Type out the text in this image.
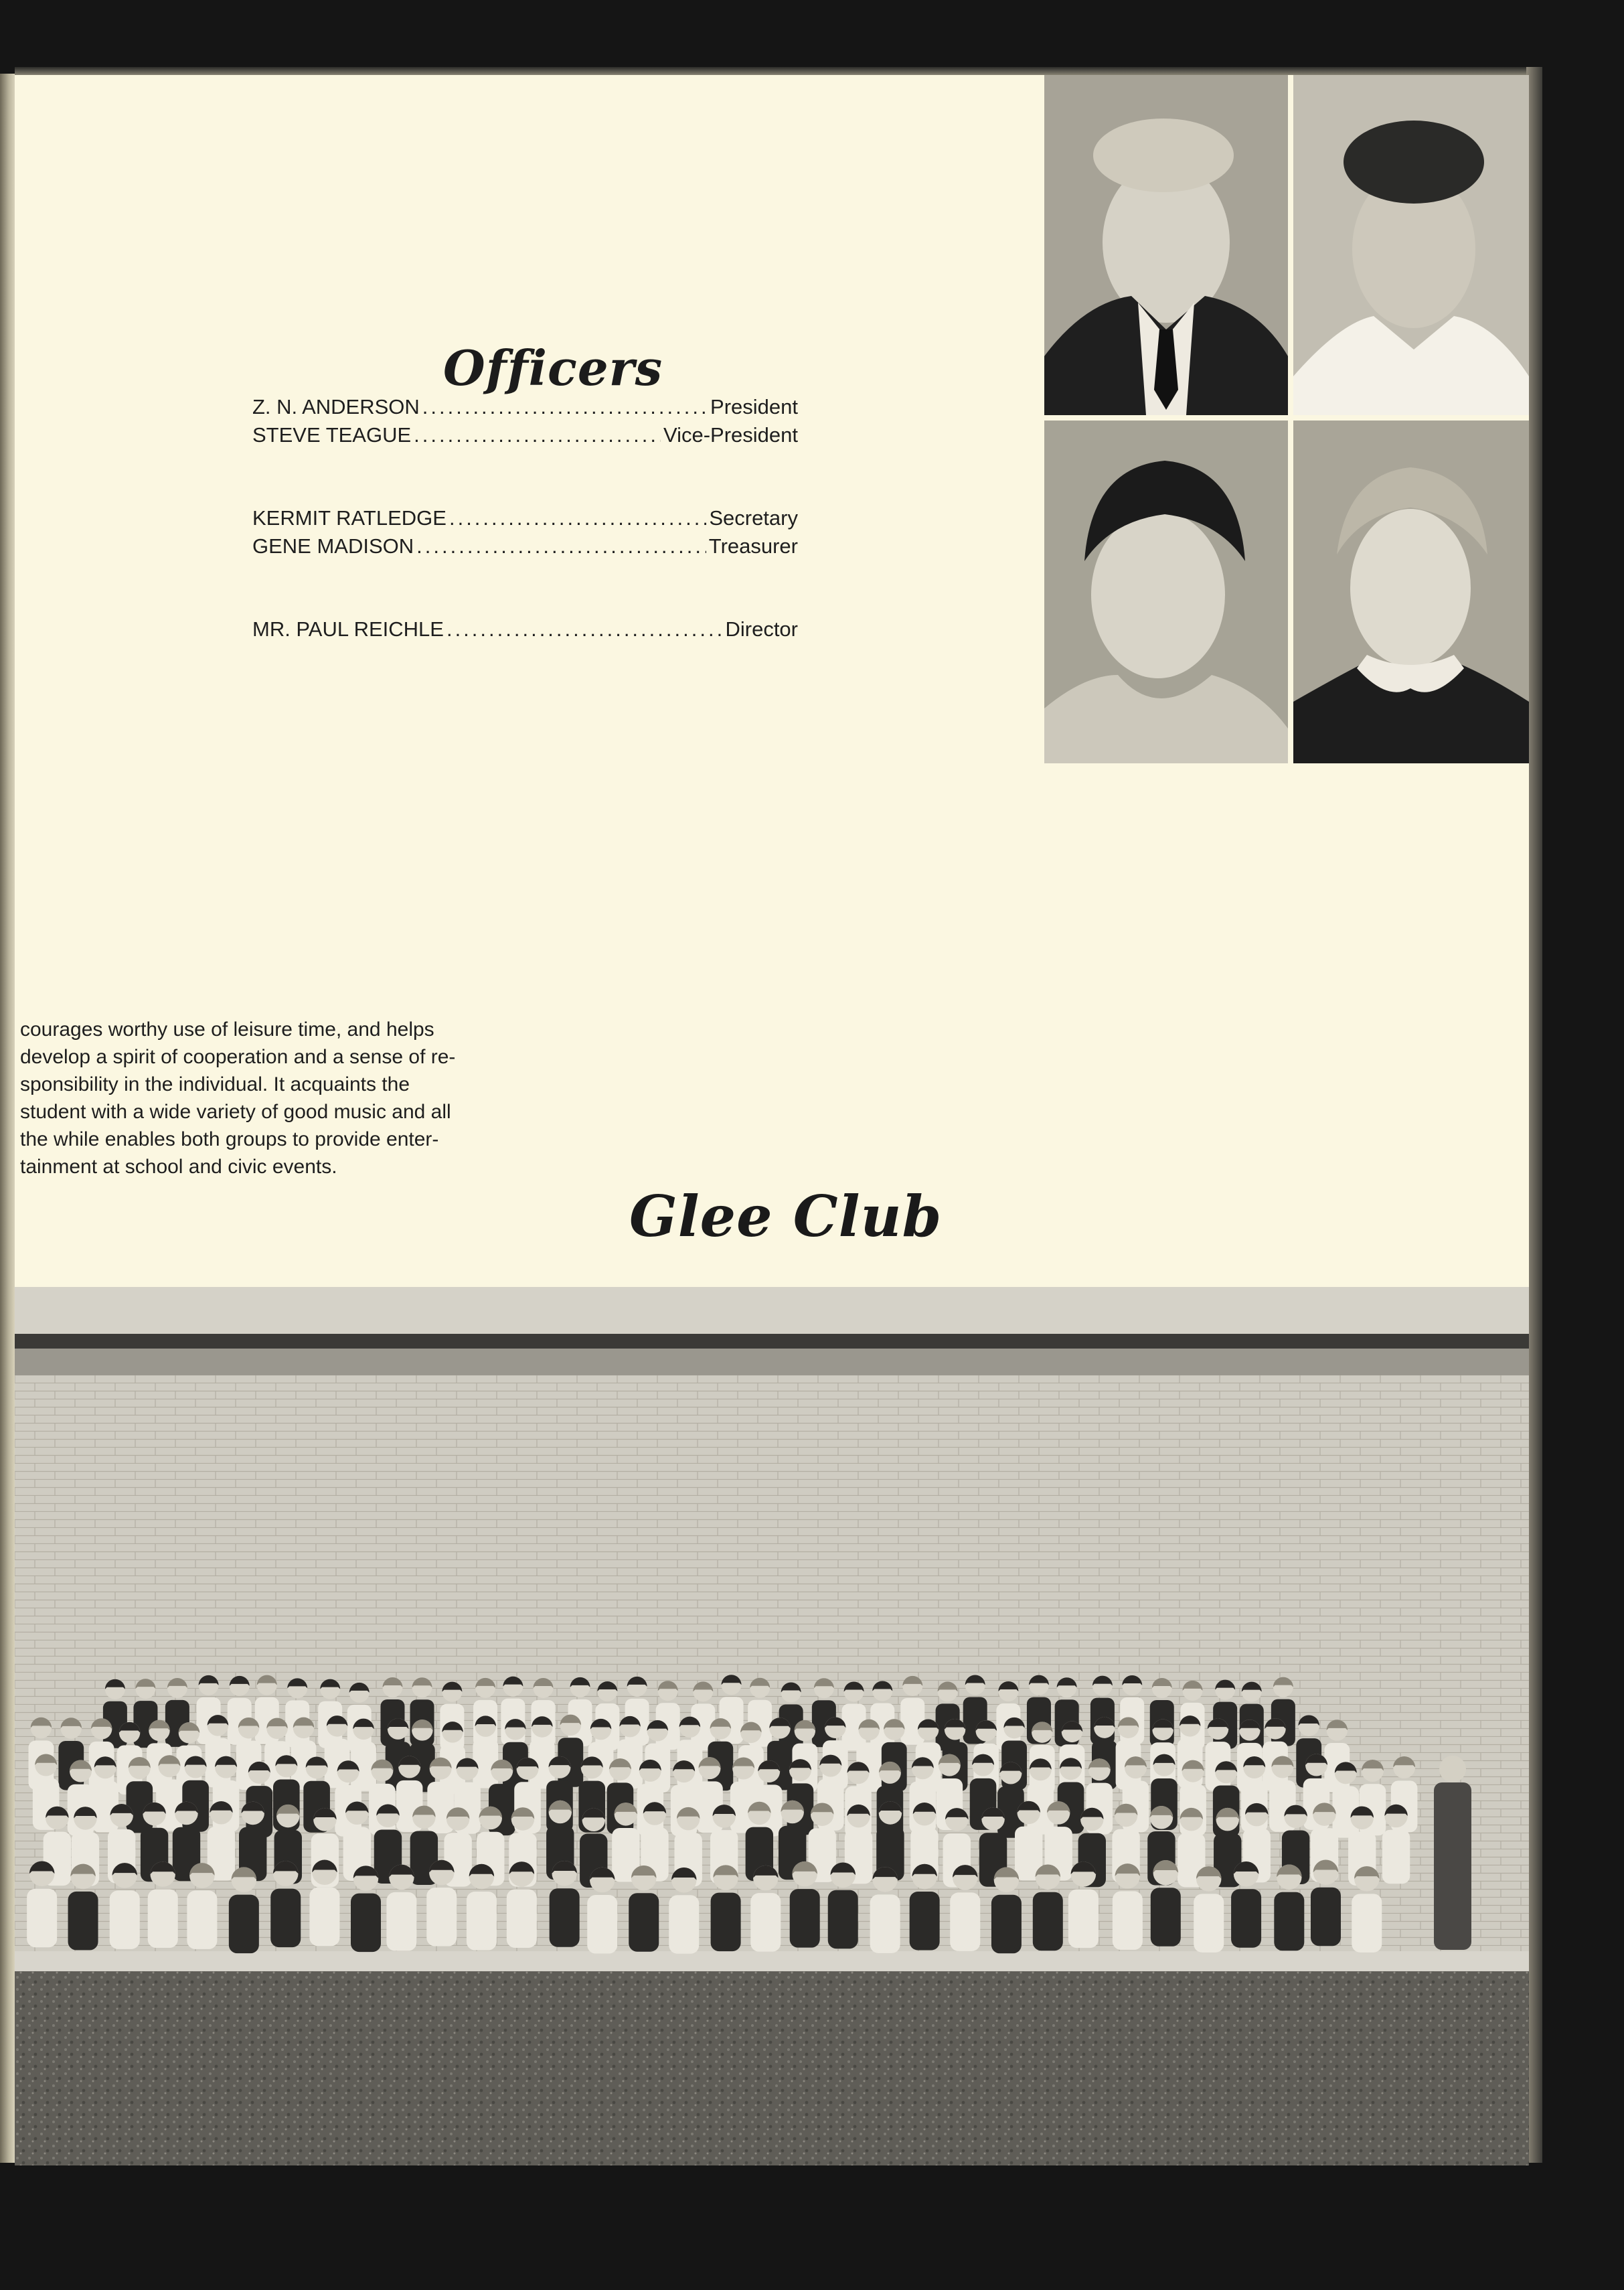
Officers
Z. N. ANDERSON .....	President
STEVE TEAGUE .....	Vice-President
KERMIT RATLEDGE .....	Secretary
GENE MADISON .....	Treasurer
MR. PAUL REICHLE .....	Director

courages worthy use of leisure time, and helps

develop a spirit of cooperation and a sense of re-

sponsibility in the individual. It acquaints the

student with a wide variety of good music and all

the while enables both groups to provide enter-

tainment at school and civic events.

Glee Club
